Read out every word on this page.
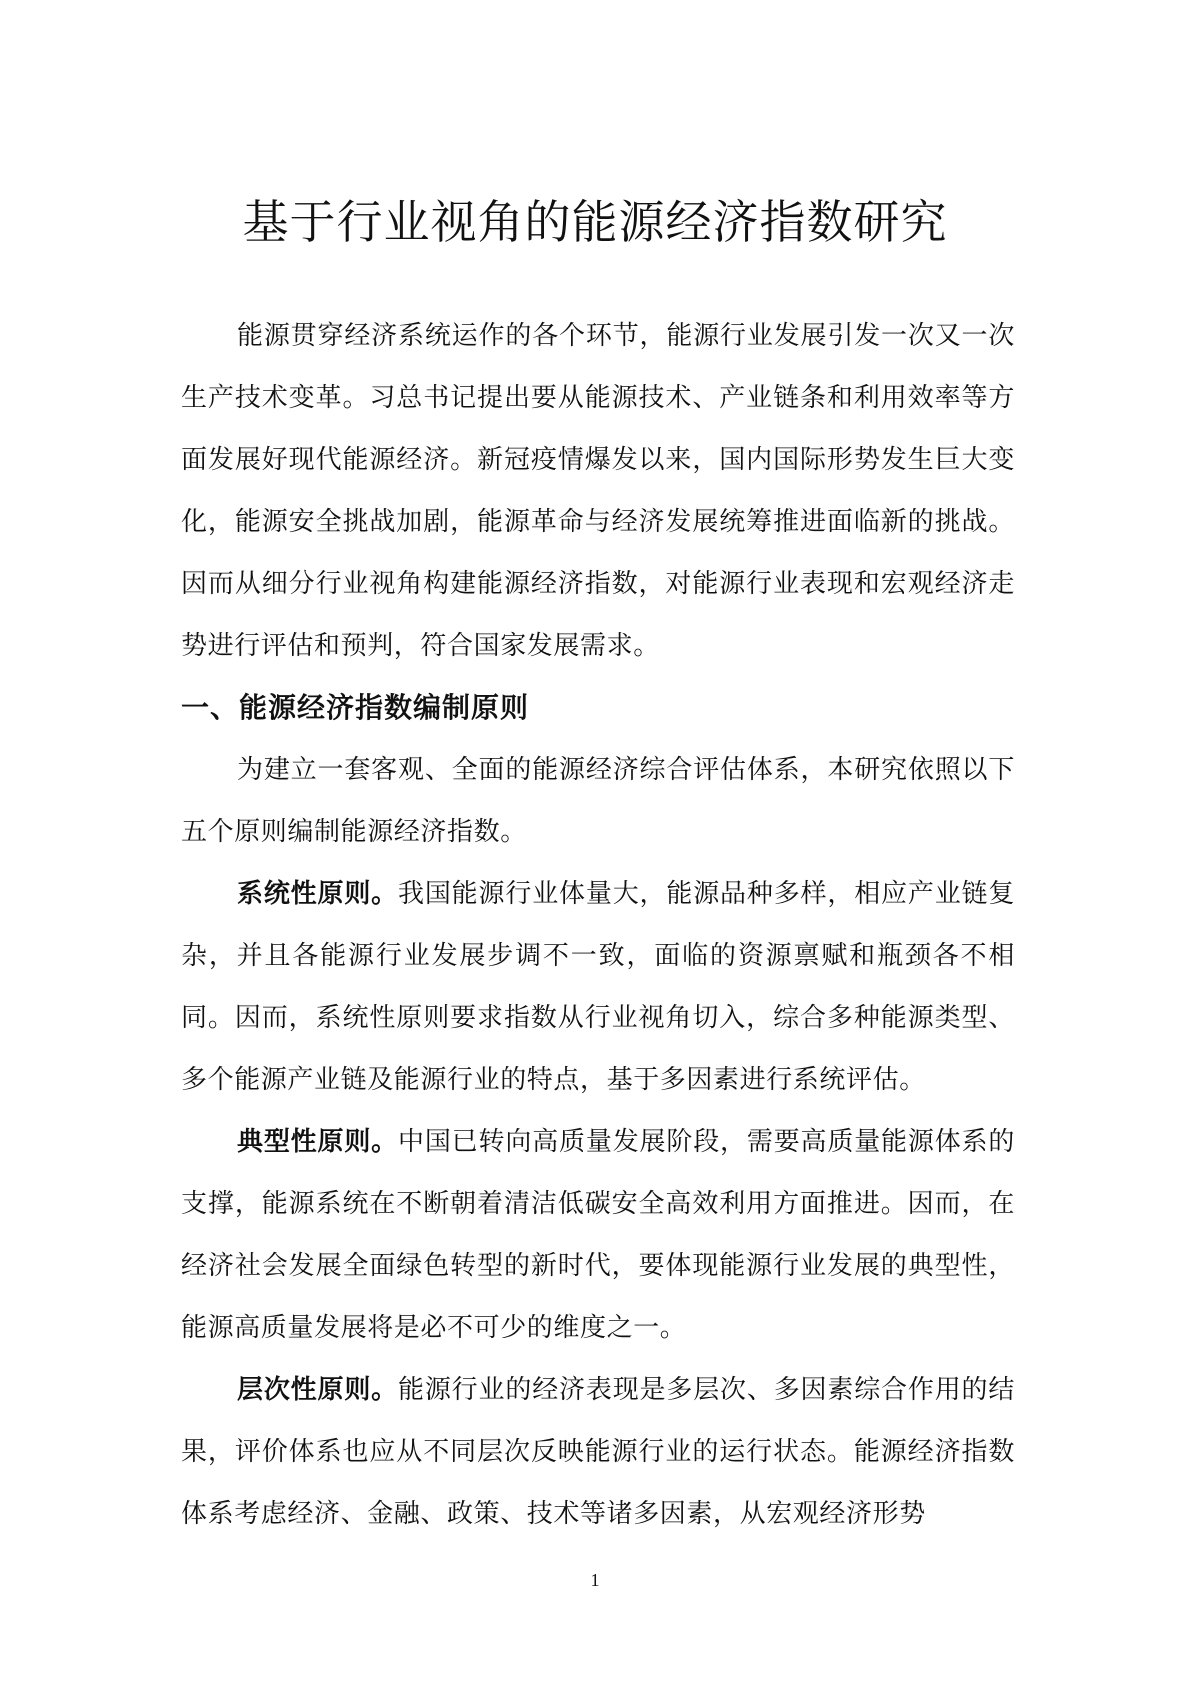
基于行业视角的能源经济指数研究

能源贯穿经济系统运作的各个环节，能源行业发展引发一次又一次生产技术变革。习总书记提出要从能源技术、产业链条和利用效率等方面发展好现代能源经济。新冠疫情爆发以来，国内国际形势发生巨大变化，能源安全挑战加剧，能源革命与经济发展统筹推进面临新的挑战。因而从细分行业视角构建能源经济指数，对能源行业表现和宏观经济走势进行评估和预判，符合国家发展需求。

一、能源经济指数编制原则

为建立一套客观、全面的能源经济综合评估体系，本研究依照以下五个原则编制能源经济指数。

系统性原则。我国能源行业体量大，能源品种多样，相应产业链复杂，并且各能源行业发展步调不一致，面临的资源禀赋和瓶颈各不相同。因而，系统性原则要求指数从行业视角切入，综合多种能源类型、多个能源产业链及能源行业的特点，基于多因素进行系统评估。

典型性原则。中国已转向高质量发展阶段，需要高质量能源体系的支撑，能源系统在不断朝着清洁低碳安全高效利用方面推进。因而，在经济社会发展全面绿色转型的新时代，要体现能源行业发展的典型性，能源高质量发展将是必不可少的维度之一。

层次性原则。能源行业的经济表现是多层次、多因素综合作用的结果，评价体系也应从不同层次反映能源行业的运行状态。能源经济指数体系考虑经济、金融、政策、技术等诸多因素，从宏观经济形势

1
